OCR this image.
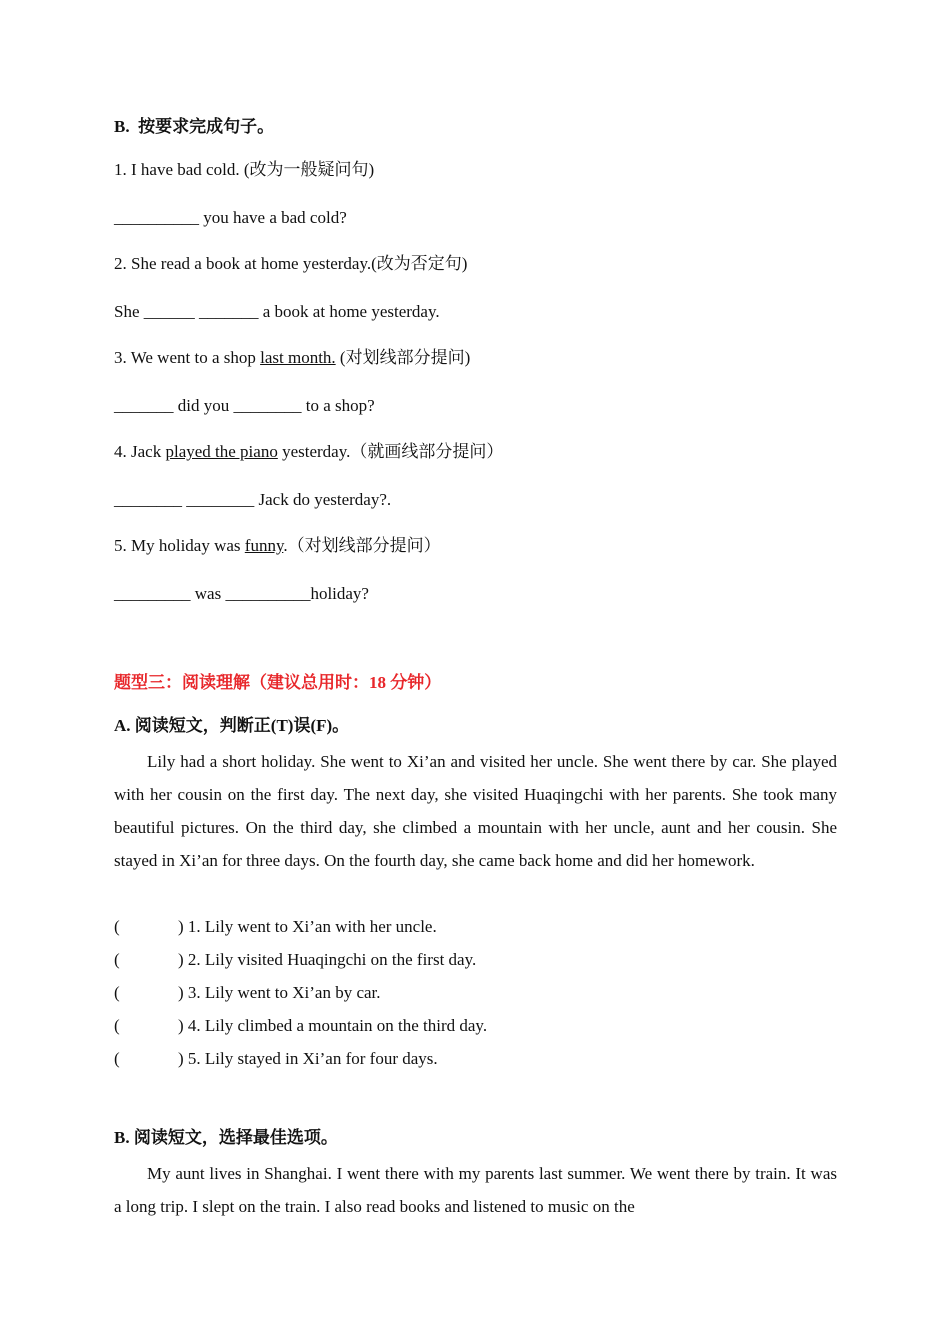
B. 按要求完成句子。
1. I have bad cold. (改为一般疑问句)
__________ you have a bad cold?
2. She read a book at home yesterday.(改为否定句)
She ______ _______ a book at home yesterday.
3. We went to a shop last month. (对划线部分提问)
_______ did you ________ to a shop?
4. Jack played the piano yesterday.（就画线部分提问）
________ ________ Jack do yesterday?.
5. My holiday was funny.（对划线部分提问）
_________ was __________holiday?
题型三：阅读理解（建议总用时：18 分钟）
A. 阅读短文，判断正(T)误(F)。
Lily had a short holiday. She went to Xi’an and visited her uncle. She went there by car. She played with her cousin on the first day. The next day, she visited Huaqingchi with her parents. She took many beautiful pictures. On the third day, she climbed a mountain with her uncle, aunt and her cousin. She stayed in Xi’an for three days. On the fourth day, she came back home and did her homework.
(	) 1. Lily went to Xi’an with her uncle.
(	) 2. Lily visited Huaqingchi on the first day.
(	) 3. Lily went to Xi’an by car.
(	) 4. Lily climbed a mountain on the third day.
(	) 5. Lily stayed in Xi’an for four days.
B. 阅读短文，选择最佳选项。
My aunt lives in Shanghai. I went there with my parents last summer. We went there by train. It was a long trip. I slept on the train. I also read books and listened to music on the
